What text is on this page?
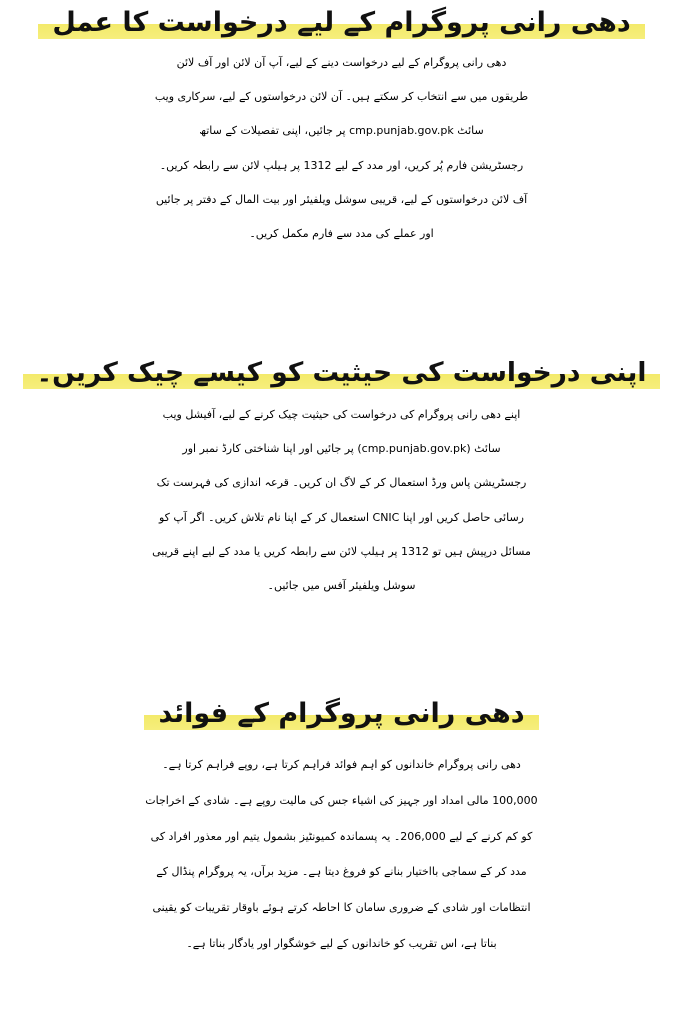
دھی رانی پروگرام کے لیے درخواست کا عمل
دھی رانی پروگرام کے لیے درخواست دینے کے لیے، آپ آن لائن اور آف لائن
طریقوں میں سے انتخاب کر سکتے ہیں۔ آن لائن درخواستوں کے لیے، سرکاری ویب
سائٹ cmp.punjab.gov.pk پر جائیں، اپنی تفصیلات کے ساتھ
رجسٹریشن فارم پُر کریں، اور مدد کے لیے 1312 پر ہیلپ لائن سے رابطہ کریں۔
آف لائن درخواستوں کے لیے، قریبی سوشل ویلفیئر اور بیت المال کے دفتر پر جائیں
اور عملے کی مدد سے فارم مکمل کریں۔
اپنی درخواست کی حیثیت کو کیسے چیک کریں۔
اپنے دھی رانی پروگرام کی درخواست کی حیثیت چیک کرنے کے لیے، آفیشل ویب
سائٹ (cmp.punjab.gov.pk) پر جائیں اور اپنا شناختی کارڈ نمبر اور
رجسٹریشن پاس ورڈ استعمال کر کے لاگ ان کریں۔ قرعہ اندازی کی فہرست تک
رسائی حاصل کریں اور اپنا CNIC استعمال کر کے اپنا نام تلاش کریں۔ اگر آپ کو
مسائل درپیش ہیں تو 1312 پر ہیلپ لائن سے رابطہ کریں یا مدد کے لیے اپنے قریبی
سوشل ویلفیئر آفس میں جائیں۔
دھی رانی پروگرام کے فوائد
دھی رانی پروگرام خاندانوں کو اہم فوائد فراہم کرتا ہے، روپے فراہم کرتا ہے۔
100,000 مالی امداد اور جہیز کی اشیاء جس کی مالیت روپے ہے۔ شادی کے اخراجات
کو کم کرنے کے لیے 206,000۔ یہ پسماندہ کمیونٹیز بشمول یتیم اور معذور افراد کی
مدد کر کے سماجی بااختیار بنانے کو فروغ دیتا ہے۔ مزید برآں، یہ پروگرام پنڈال کے
انتظامات اور شادی کے ضروری سامان کا احاطہ کرتے ہوئے باوقار تقریبات کو یقینی
بناتا ہے، اس تقریب کو خاندانوں کے لیے خوشگوار اور یادگار بناتا ہے۔
